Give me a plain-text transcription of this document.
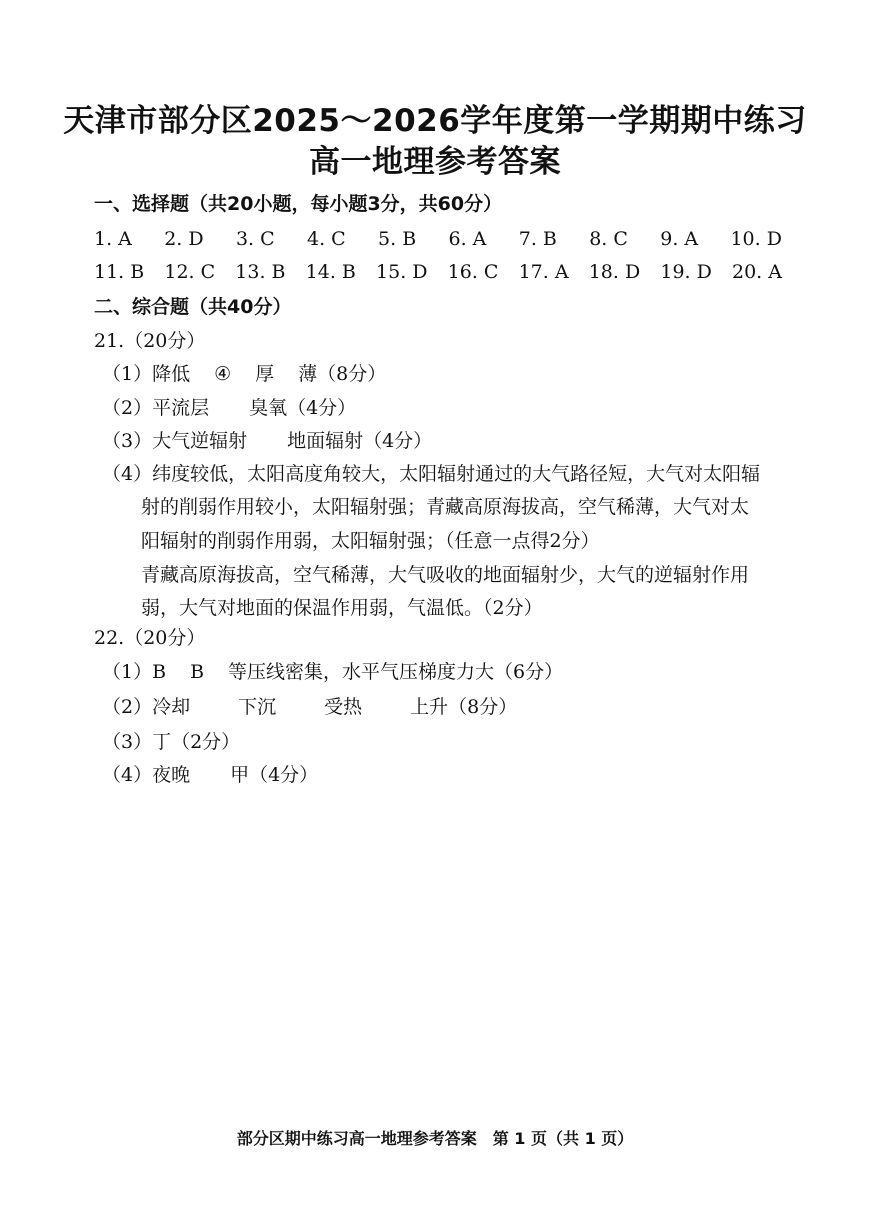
天津市部分区2025～2026学年度第一学期期中练习
高一地理参考答案
一、选择题（共20小题，每小题3分，共60分）
1. A 2. D 3. C 4. C 5. B 6. A 7. B 8. C 9. A 10. D
11. B 12. C 13. B 14. B 15. D 16. C 17. A 18. D 19. D 20. A
二、综合题（共40分）
21.（20分）
（1）降低 ④ 厚 薄（8分）
（2）平流层 臭氧（4分）
（3）大气逆辐射 地面辐射（4分）
（4）纬度较低，太阳高度角较大，太阳辐射通过的大气路径短，大气对太阳辐
射的削弱作用较小，太阳辐射强；青藏高原海拔高，空气稀薄，大气对太
阳辐射的削弱作用弱，太阳辐射强；（任意一点得2分）
青藏高原海拔高，空气稀薄，大气吸收的地面辐射少，大气的逆辐射作用
弱，大气对地面的保温作用弱，气温低。（2分）
22.（20分）
（1）B B 等压线密集，水平气压梯度力大（6分）
（2）冷却	下沉	受热	上升（8分）
（3）丁（2分）
（4）夜晚 甲（4分）
部分区期中练习高一地理参考答案　第 1 页（共 1 页）
